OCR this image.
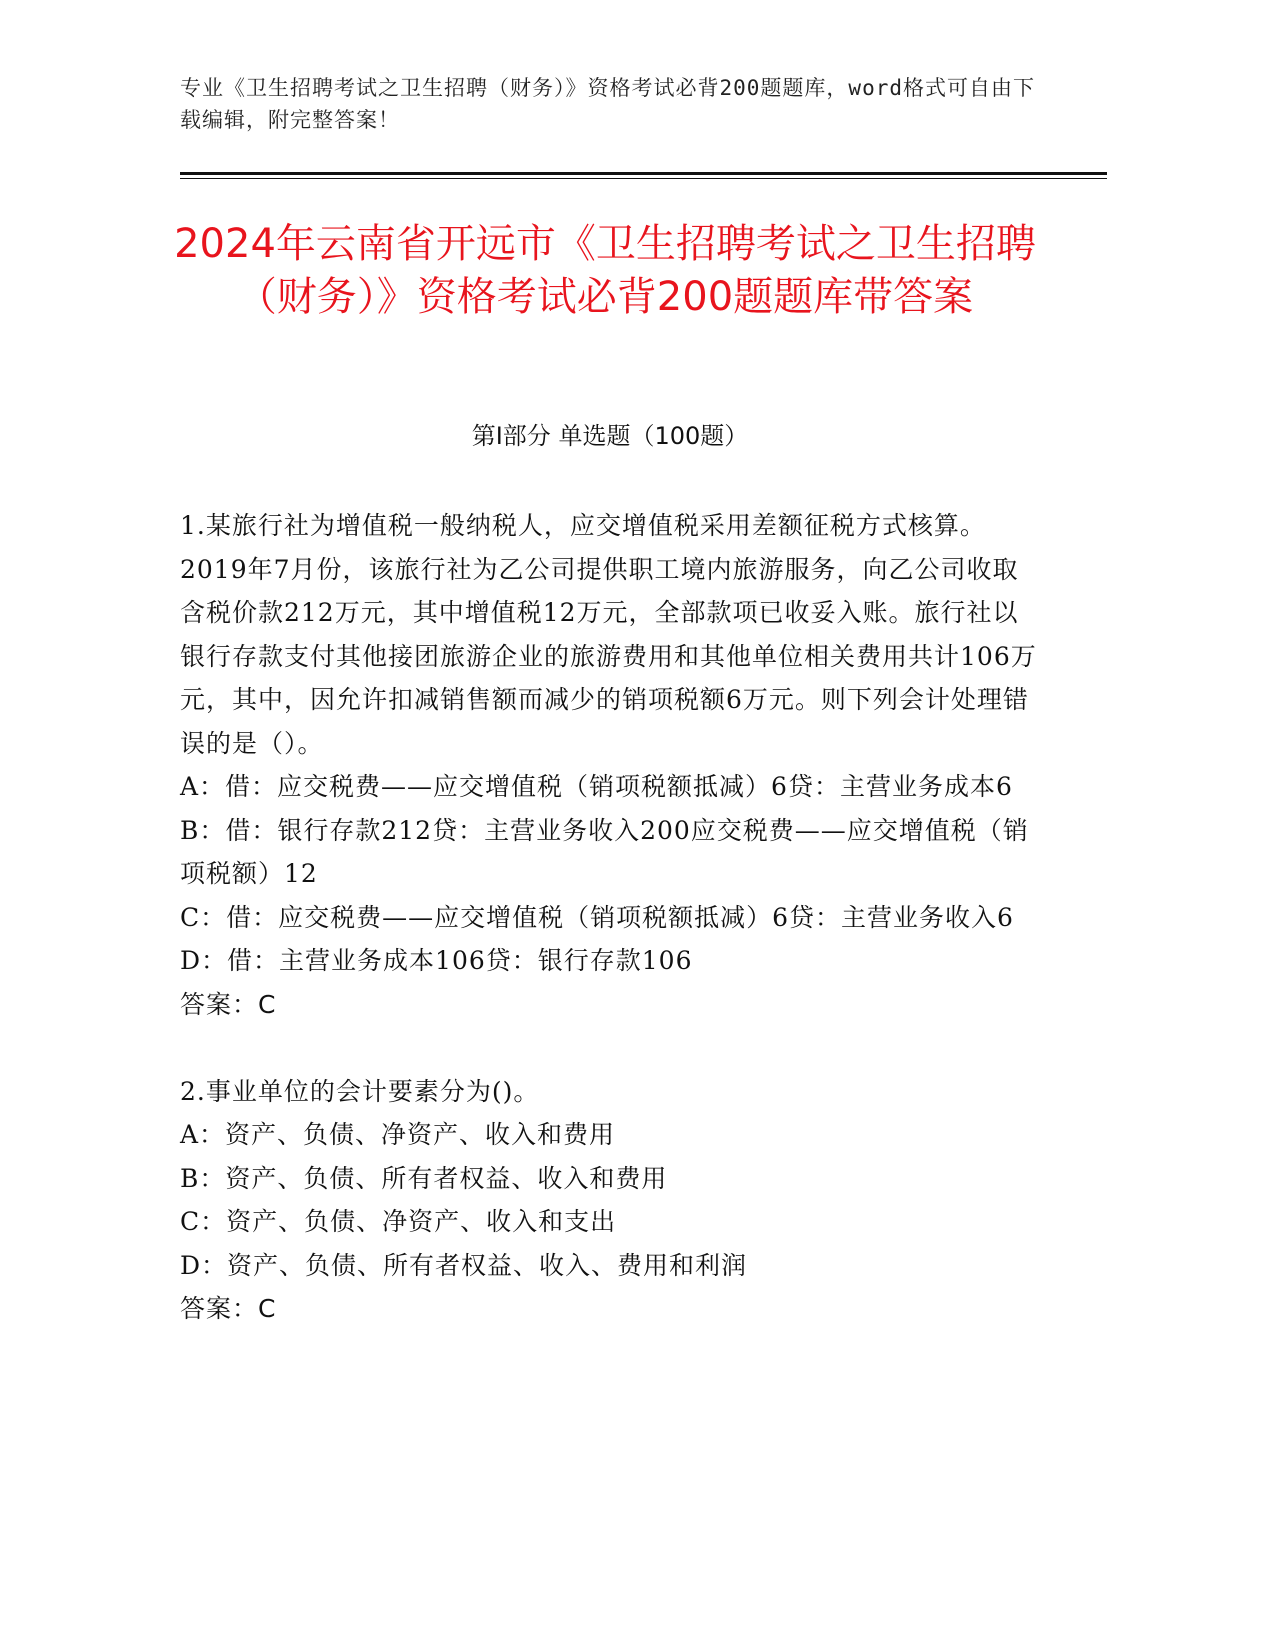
专业《卫生招聘考试之卫生招聘（财务）》资格考试必背200题题库，word格式可自由下载编辑，附完整答案！
2024年云南省开远市《卫生招聘考试之卫生招聘（财务）》资格考试必背200题题库带答案
第Ⅰ部分 单选题（100题）

1.某旅行社为增值税一般纳税人，应交增值税采用差额征税方式核算。2019年7月份，该旅行社为乙公司提供职工境内旅游服务，向乙公司收取含税价款212万元，其中增值税12万元，全部款项已收妥入账。旅行社以银行存款支付其他接团旅游企业的旅游费用和其他单位相关费用共计106万元，其中，因允许扣减销售额而减少的销项税额6万元。则下列会计处理错误的是（）。

A：借：应交税费——应交增值税（销项税额抵减）6贷：主营业务成本6

B：借：银行存款212贷：主营业务收入200应交税费——应交增值税（销项税额）12

C：借：应交税费——应交增值税（销项税额抵减）6贷：主营业务收入6

D：借：主营业务成本106贷：银行存款106

答案：C

2.事业单位的会计要素分为()。

A：资产、负债、净资产、收入和费用

B：资产、负债、所有者权益、收入和费用

C：资产、负债、净资产、收入和支出

D：资产、负债、所有者权益、收入、费用和利润

答案：C
